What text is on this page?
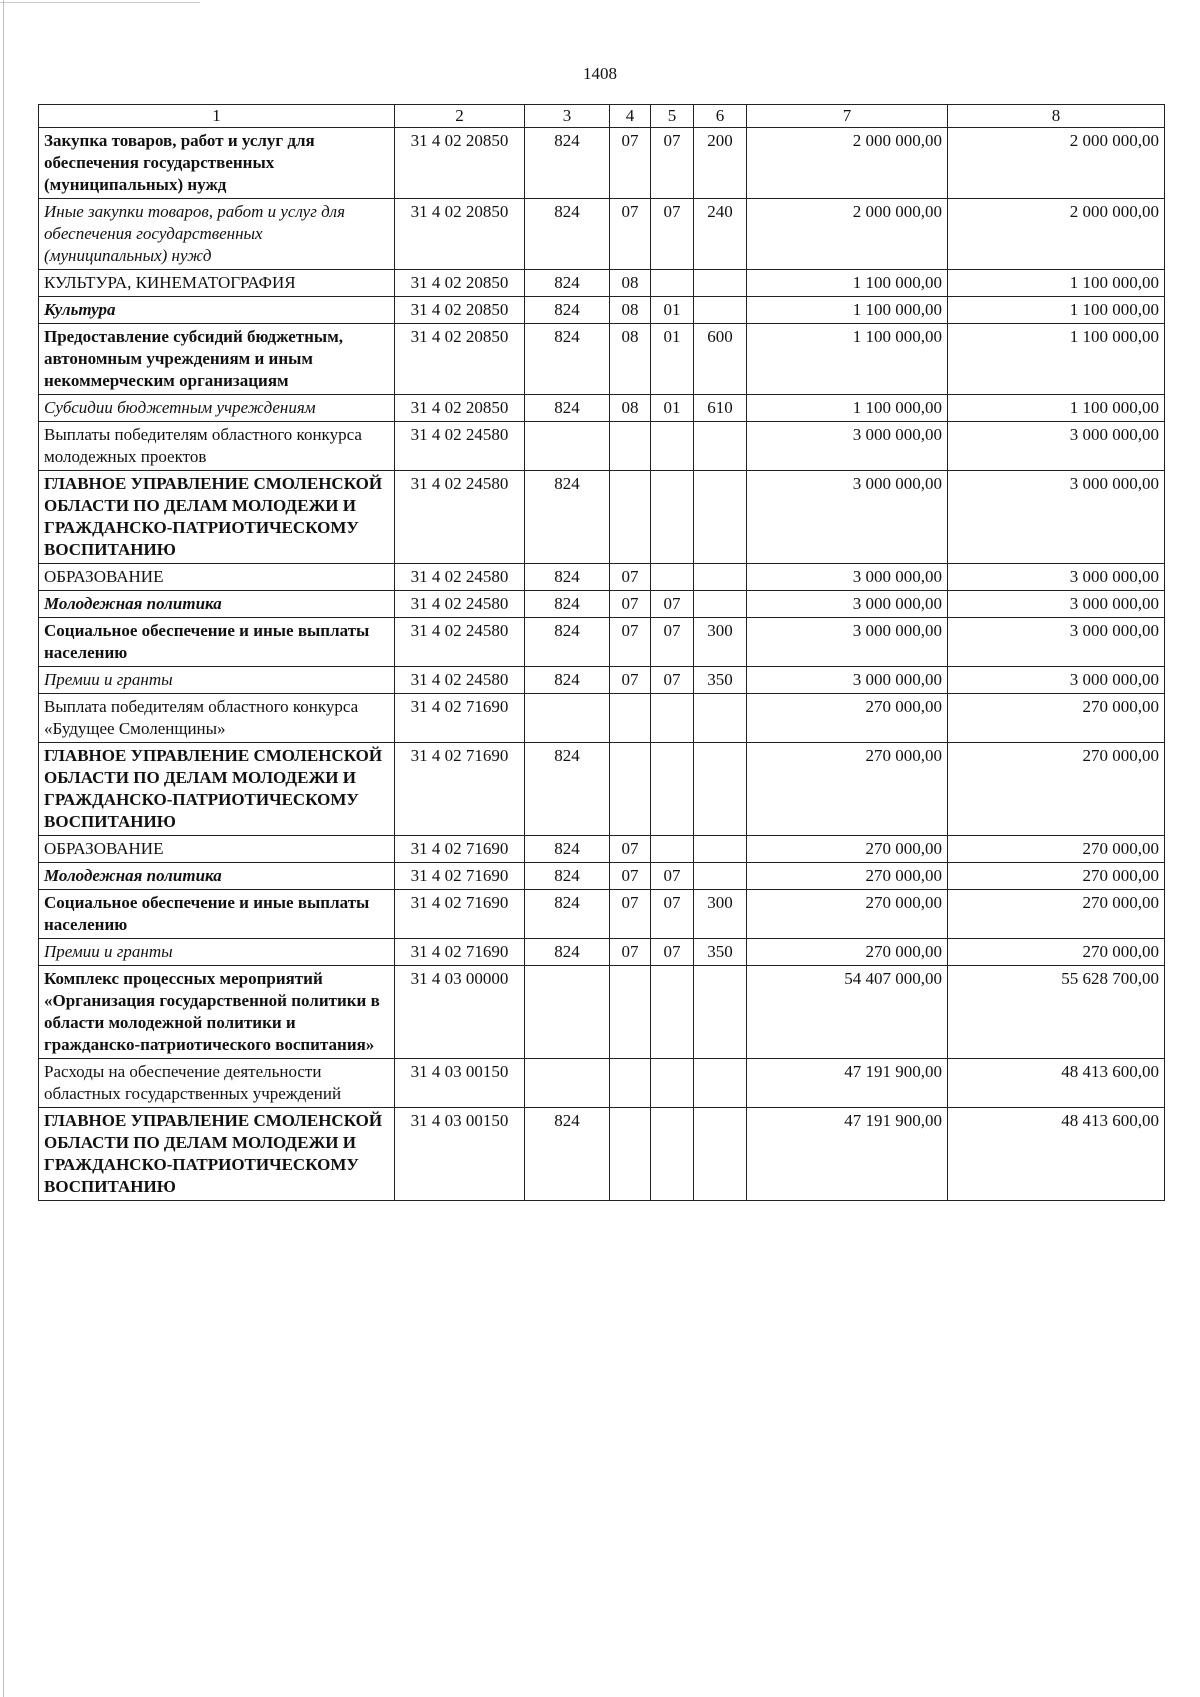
1408
1	2	3	4	5	6	7	8
Закупка товаров, работ и услуг для обеспечения государственных (муниципальных) нужд	31 4 02 20850	824	07	07	200	2 000 000,00	2 000 000,00
Иные закупки товаров, работ и услуг для обеспечения государственных (муниципальных) нужд	31 4 02 20850	824	07	07	240	2 000 000,00	2 000 000,00
КУЛЬТУРА, КИНЕМАТОГРАФИЯ	31 4 02 20850	824	08			1 100 000,00	1 100 000,00
Культура	31 4 02 20850	824	08	01		1 100 000,00	1 100 000,00
Предоставление субсидий бюджетным, автономным учреждениям и иным некоммерческим организациям	31 4 02 20850	824	08	01	600	1 100 000,00	1 100 000,00
Субсидии бюджетным учреждениям	31 4 02 20850	824	08	01	610	1 100 000,00	1 100 000,00
Выплаты победителям областного конкурса молодежных проектов	31 4 02 24580					3 000 000,00	3 000 000,00
ГЛАВНОЕ УПРАВЛЕНИЕ СМОЛЕНСКОЙ ОБЛАСТИ ПО ДЕЛАМ МОЛОДЕЖИ И ГРАЖДАНСКО-ПАТРИОТИЧЕСКОМУ ВОСПИТАНИЮ	31 4 02 24580	824				3 000 000,00	3 000 000,00
ОБРАЗОВАНИЕ	31 4 02 24580	824	07			3 000 000,00	3 000 000,00
Молодежная политика	31 4 02 24580	824	07	07		3 000 000,00	3 000 000,00
Социальное обеспечение и иные выплаты населению	31 4 02 24580	824	07	07	300	3 000 000,00	3 000 000,00
Премии и гранты	31 4 02 24580	824	07	07	350	3 000 000,00	3 000 000,00
Выплата победителям областного конкурса «Будущее Смоленщины»	31 4 02 71690					270 000,00	270 000,00
ГЛАВНОЕ УПРАВЛЕНИЕ СМОЛЕНСКОЙ ОБЛАСТИ ПО ДЕЛАМ МОЛОДЕЖИ И ГРАЖДАНСКО-ПАТРИОТИЧЕСКОМУ ВОСПИТАНИЮ	31 4 02 71690	824				270 000,00	270 000,00
ОБРАЗОВАНИЕ	31 4 02 71690	824	07			270 000,00	270 000,00
Молодежная политика	31 4 02 71690	824	07	07		270 000,00	270 000,00
Социальное обеспечение и иные выплаты населению	31 4 02 71690	824	07	07	300	270 000,00	270 000,00
Премии и гранты	31 4 02 71690	824	07	07	350	270 000,00	270 000,00
Комплекс процессных мероприятий «Организация государственной политики в области молодежной политики и гражданско-патриотического воспитания»	31 4 03 00000					54 407 000,00	55 628 700,00
Расходы на обеспечение деятельности областных государственных учреждений	31 4 03 00150					47 191 900,00	48 413 600,00
ГЛАВНОЕ УПРАВЛЕНИЕ СМОЛЕНСКОЙ ОБЛАСТИ ПО ДЕЛАМ МОЛОДЕЖИ И ГРАЖДАНСКО-ПАТРИОТИЧЕСКОМУ ВОСПИТАНИЮ	31 4 03 00150	824				47 191 900,00	48 413 600,00
